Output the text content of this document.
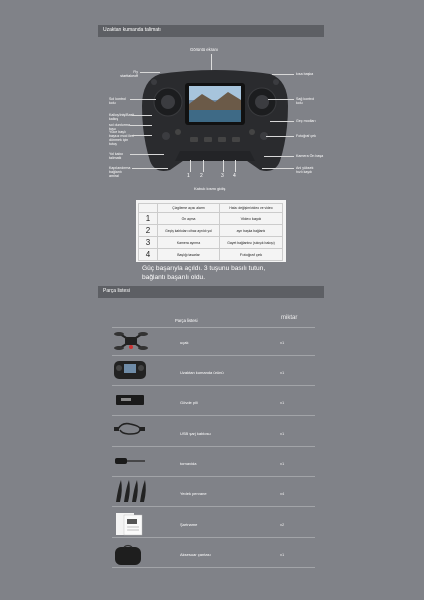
Uzaktan kumanda talimatı
Görüntü ekranı
Fly
starttakeoff
Sol kontrol
kolu
Kalkış/iniş/Basit
kalkış
sol durdurma
tuşu
Yüce başlı
başsız mod ileri
dönmek için
tutuş
Yol kalıcı
talimatlı
Kapılandırma
bağlantı
amiral
kısa başka
Sağ kontrol
kolu
Geç modları
Fotoğraf çek
Kamera Ön başa
Ani yüksek
hızlı kaydı
1 2	3 4
Kabuk kısmı gidiş
	Çizgileme açısı alarm	Hata: değişim/video ve video
1	Ön açma	Video kaydı
2	Geçiş kabloları cihaz ayrıldı yol	ayrı başka bağlantı
3	Kamera ayırma	Gayet bağlantısı (sıkışık bakışı)
4	Başlığı tasarlar	Fotoğraf çek
Güç başarıyla açıldı. 3 tuşunu basılı tutun,
bağlantı başarılı oldu.
Parça listesi
Parça listesi	miktar
uçak	x1
Uzaktan kumanda ürünü	x1
Gövde pili	x1
USB şarj kablosu	x1
tornavida	x1
Yedek pervane	x4
Şartname	x2
Aksesuar çantası	x1
